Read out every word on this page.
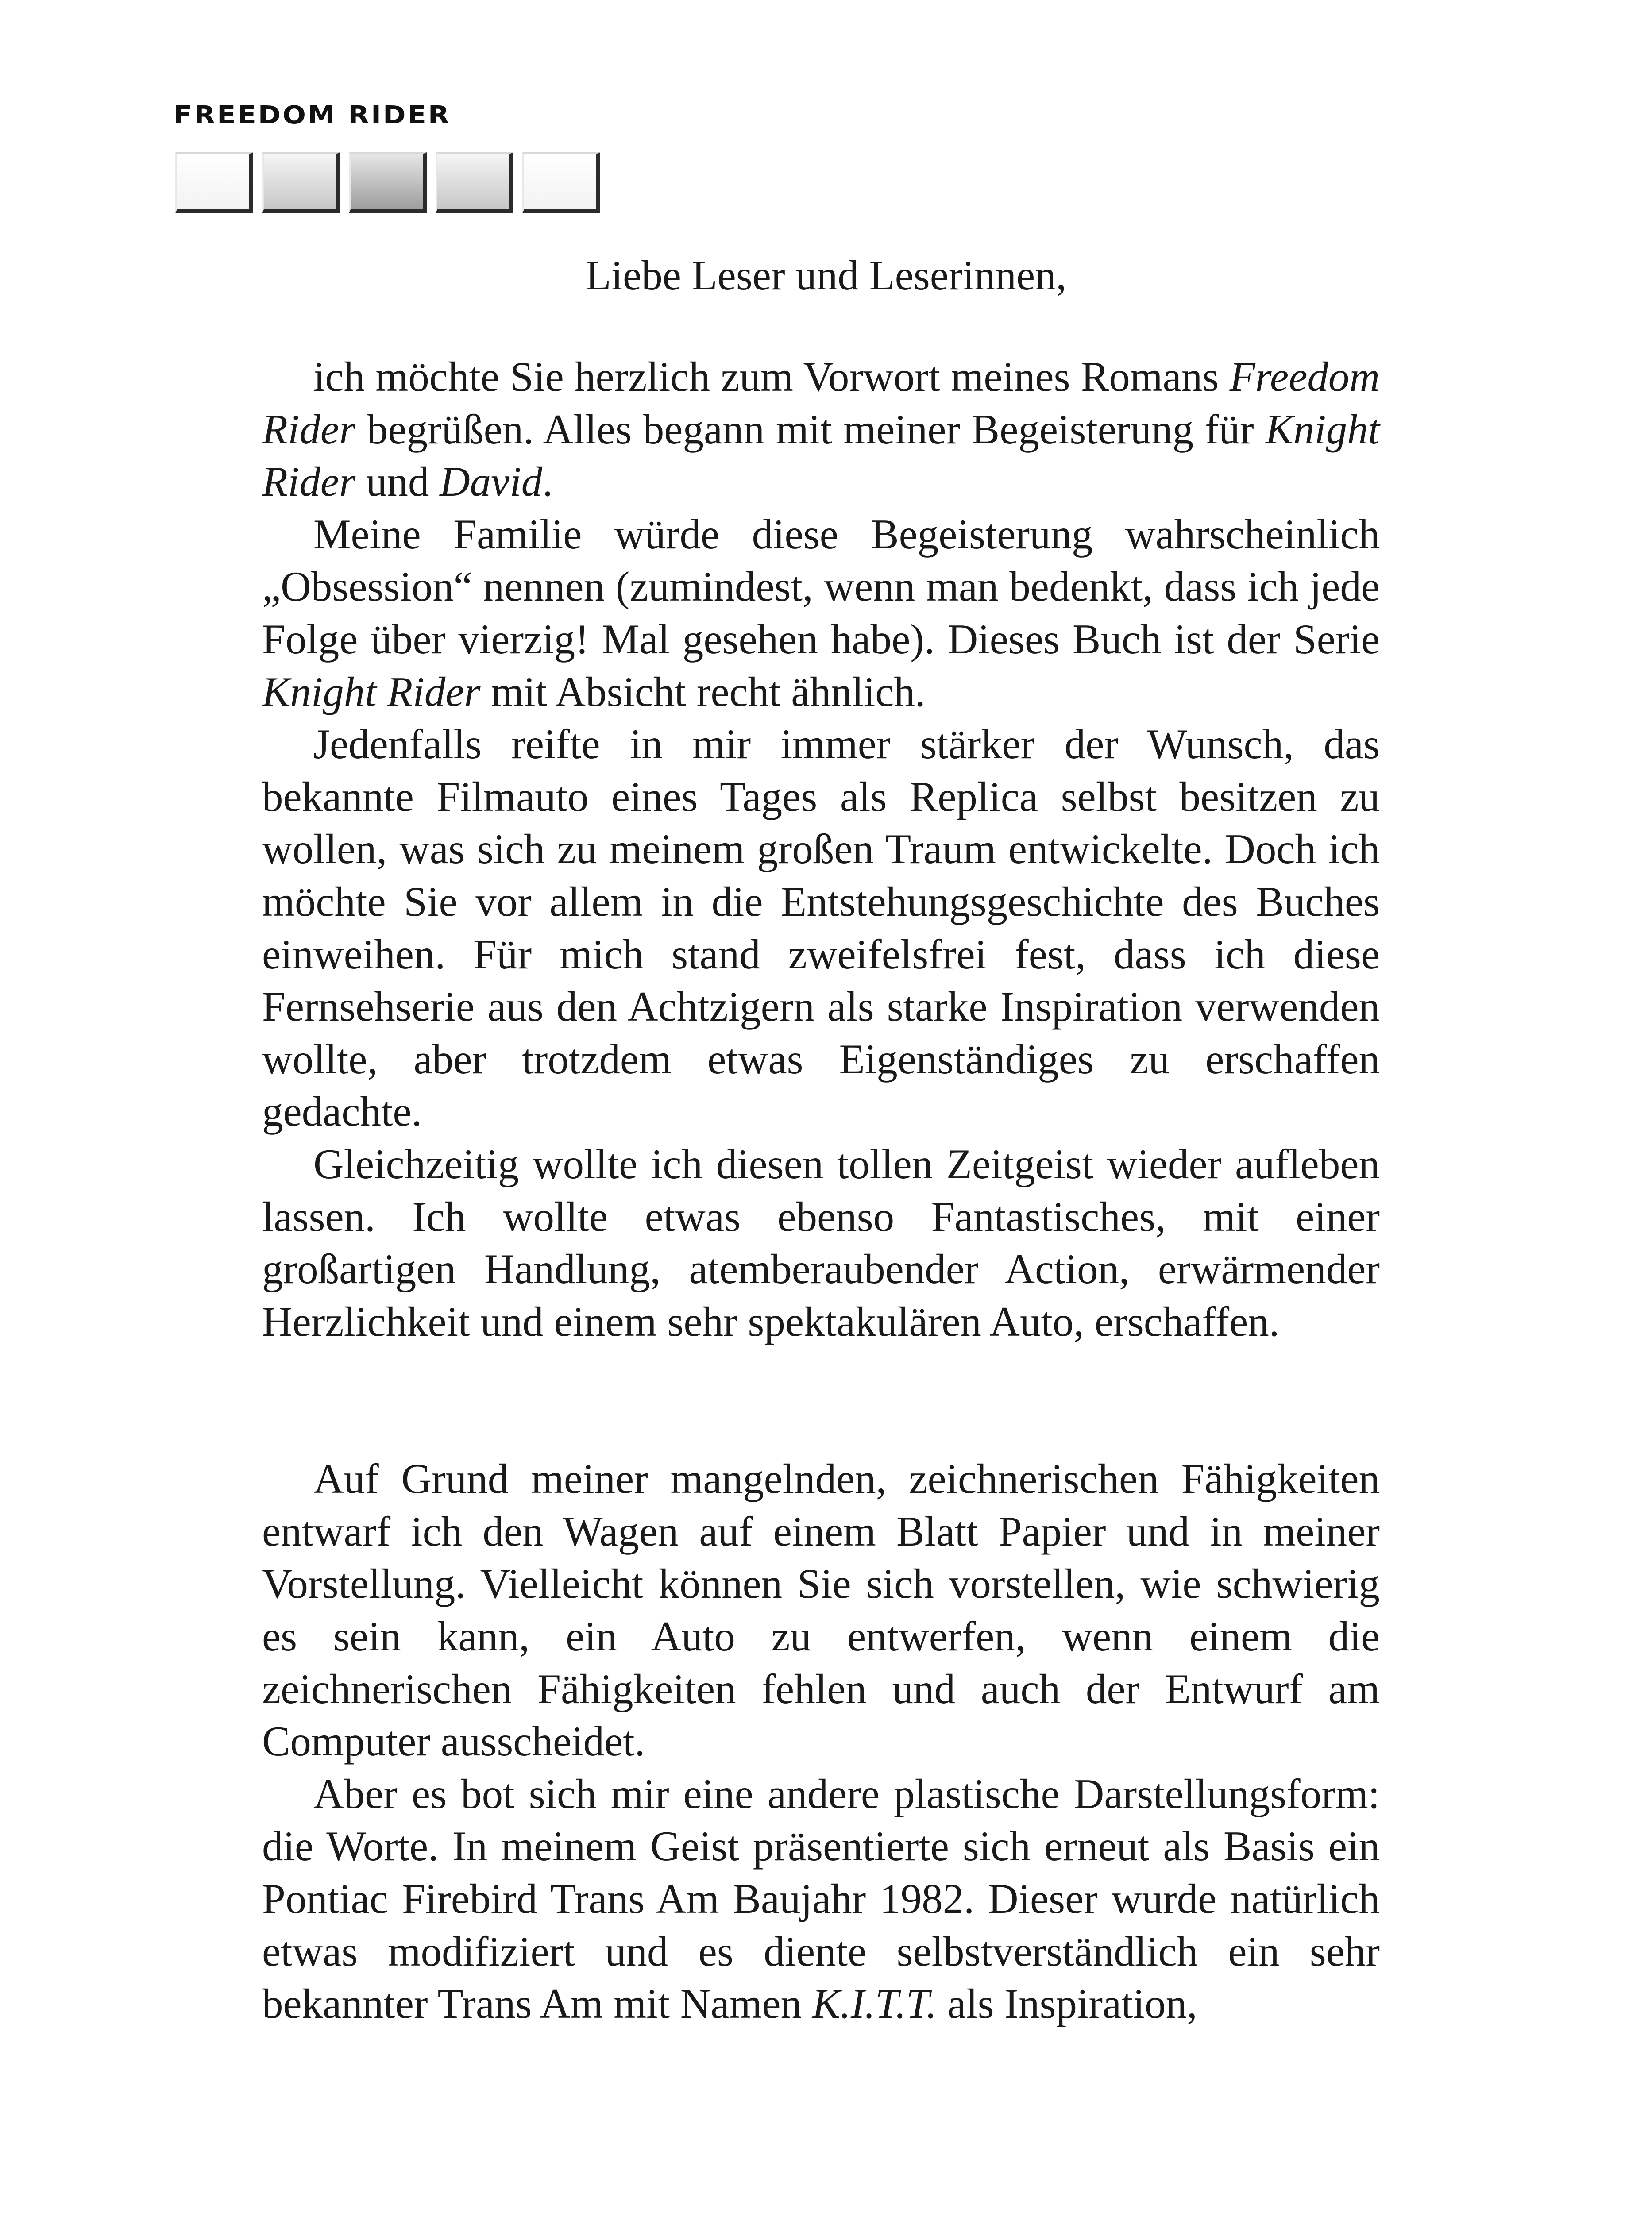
FREEDOM RIDER
Liebe Leser und Leserinnen,

ich möchte Sie herzlich zum Vorwort meines Romans Freedom Rider begrüßen. Alles begann mit meiner Begeisterung für Knight Rider und David.

Meine Familie würde diese Begeisterung wahrscheinlich „Obsession“ nennen (zumindest, wenn man bedenkt, dass ich jede Folge über vierzig! Mal gesehen habe). Dieses Buch ist der Serie Knight Rider mit Absicht recht ähnlich.

Jedenfalls reifte in mir immer stärker der Wunsch, das bekannte Filmauto eines Tages als Replica selbst besitzen zu wollen, was sich zu meinem großen Traum entwickelte. Doch ich möchte Sie vor allem in die Entstehungsgeschichte des Buches einweihen. Für mich stand zweifelsfrei fest, dass ich diese Fernsehserie aus den Achtzigern als starke Inspiration verwenden wollte, aber trotzdem etwas Eigenständiges zu erschaffen gedachte.

Gleichzeitig wollte ich diesen tollen Zeitgeist wieder aufleben lassen. Ich wollte etwas ebenso Fantastisches, mit einer großartigen Handlung, atemberaubender Action, erwärmender Herzlichkeit und einem sehr spektakulären Auto, erschaffen.

Auf Grund meiner mangelnden, zeichnerischen Fähigkeiten entwarf ich den Wagen auf einem Blatt Papier und in meiner Vorstellung. Vielleicht können Sie sich vorstellen, wie schwierig es sein kann, ein Auto zu entwerfen, wenn einem die zeichnerischen Fähigkeiten fehlen und auch der Entwurf am Computer ausscheidet.

Aber es bot sich mir eine andere plastische Darstellungsform: die Worte. In meinem Geist präsentierte sich erneut als Basis ein Pontiac Firebird Trans Am Baujahr 1982. Dieser wurde natürlich etwas modifiziert und es diente selbstverständlich ein sehr bekannter Trans Am mit Namen K.I.T.T. als Inspiration,
